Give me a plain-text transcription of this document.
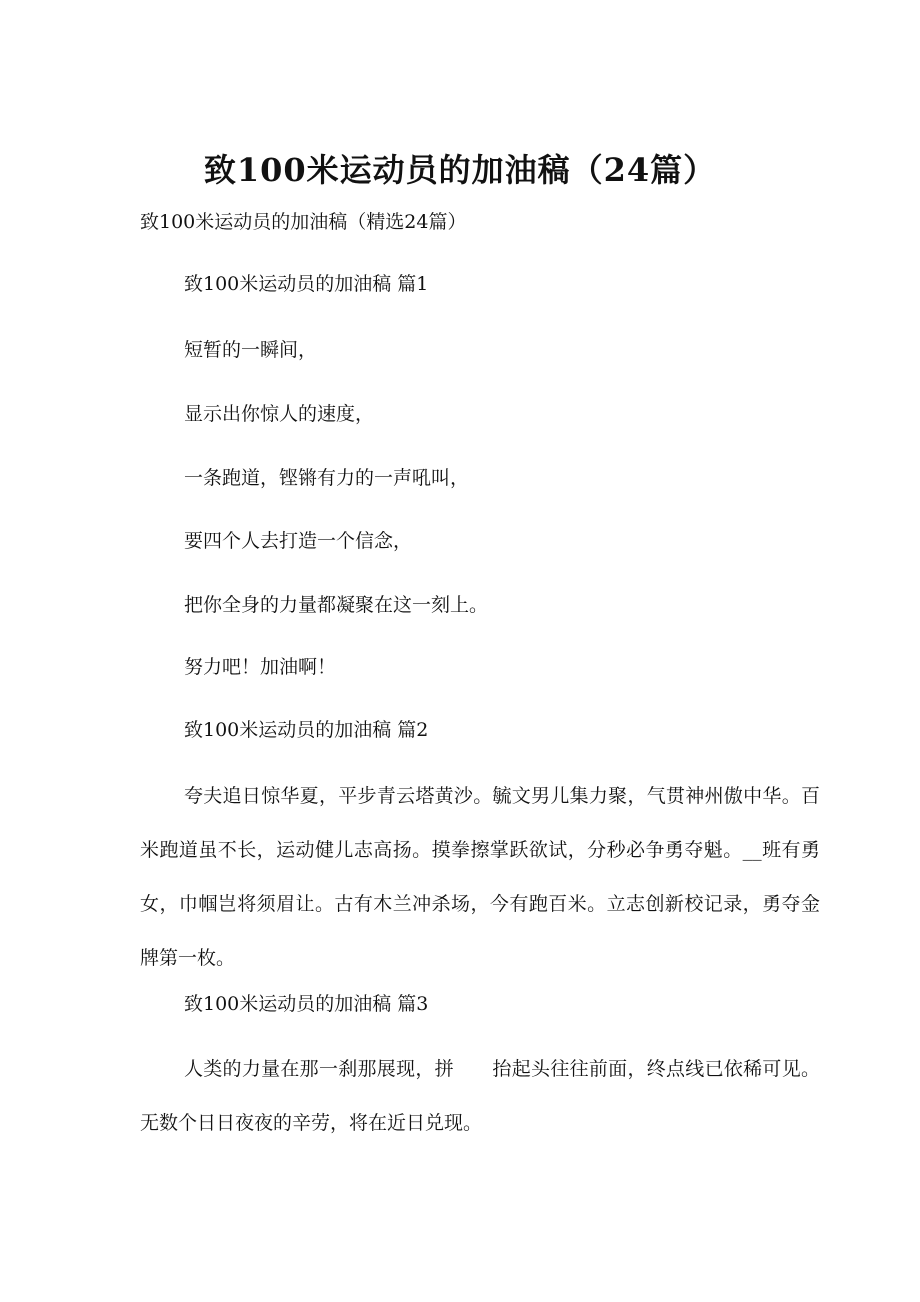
致100米运动员的加油稿（24篇）
致100米运动员的加油稿（精选24篇）
致100米运动员的加油稿 篇1
短暂的一瞬间，
显示出你惊人的速度，
一条跑道，铿锵有力的一声吼叫，
要四个人去打造一个信念，
把你全身的力量都凝聚在这一刻上。
努力吧！加油啊！
致100米运动员的加油稿 篇2
夸夫追日惊华夏，平步青云塔黄沙。毓文男儿集力聚，气贯神州傲中华。百米跑道虽不长，运动健儿志高扬。摸拳擦掌跃欲试，分秒必争勇夺魁。__班有勇女，巾帼岂将须眉让。古有木兰冲杀场，今有跑百米。立志创新校记录，勇夺金牌第一枚。
致100米运动员的加油稿 篇3
人类的力量在那一刹那展现，拼　　抬起头往往前面，终点线已依稀可见。无数个日日夜夜的辛劳，将在近日兑现。
